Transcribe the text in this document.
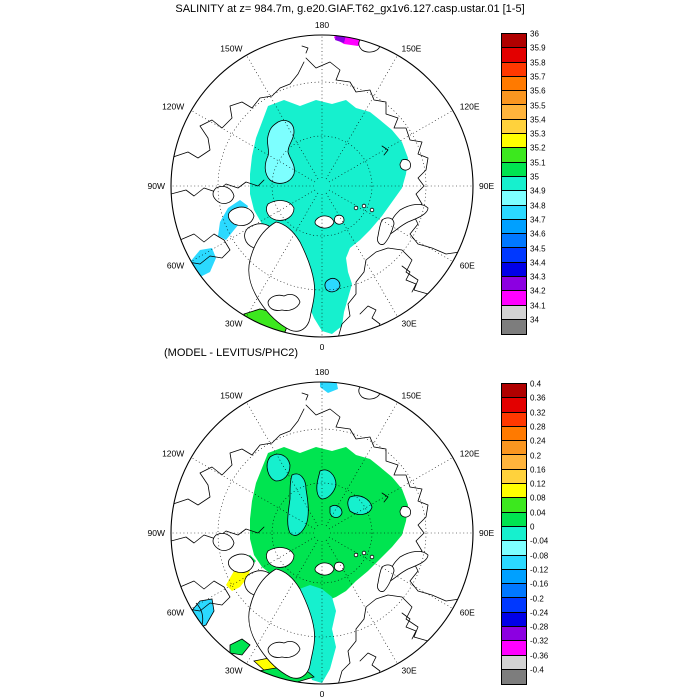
SALINITY at z= 984.7m, g.e20.GIAF.T62_gx1v6.127.casp.ustar.01 [1-5]
(MODEL - LEVITUS/PHC2)
180
150E
120E
90E
60E
30E
0
30W
60W
90W
120W
150W
180
150E
120E
90E
60E
30E
0
30W
60W
90W
120W
150W
36
35.9
35.8
35.7
35.6
35.5
35.4
35.3
35.2
35.1
35
34.9
34.8
34.7
34.6
34.5
34.4
34.3
34.2
34.1
34
0.4
0.36
0.32
0.28
0.24
0.2
0.16
0.12
0.08
0.04
0
-0.04
-0.08
-0.12
-0.16
-0.2
-0.24
-0.28
-0.32
-0.36
-0.4
